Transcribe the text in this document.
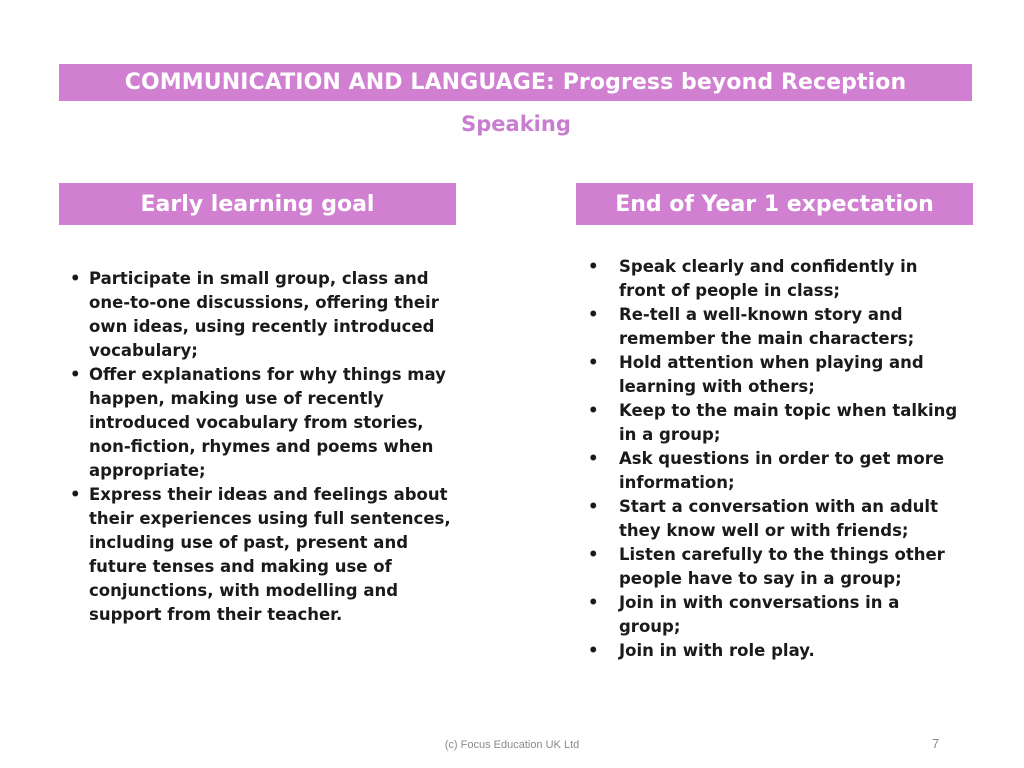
COMMUNICATION AND LANGUAGE:
Progress beyond Reception
Speaking
Early learning goal	End of Year 1 expectation
• Participate in small group, class and one-to-one discussions, offering their own ideas, using recently introduced vocabulary;
• Offer explanations for why things may happen, making use of recently introduced vocabulary from stories, non-fiction, rhymes and poems when appropriate;
• Express their ideas and feelings about their experiences using full sentences, including use of past, present and future tenses and making use of conjunctions, with modelling and support from their teacher.
• Speak clearly and confidently in front of people in class;
• Re-tell a well-known story and remember the main characters;
• Hold attention when playing and learning with others;
• Keep to the main topic when talking in a group;
• Ask questions in order to get more information;
• Start a conversation with an adult they know well or with friends;
• Listen carefully to the things other people have to say in a group;
• Join in with conversations in a group;
• Join in with role play.
(c) Focus Education UK Ltd	7
